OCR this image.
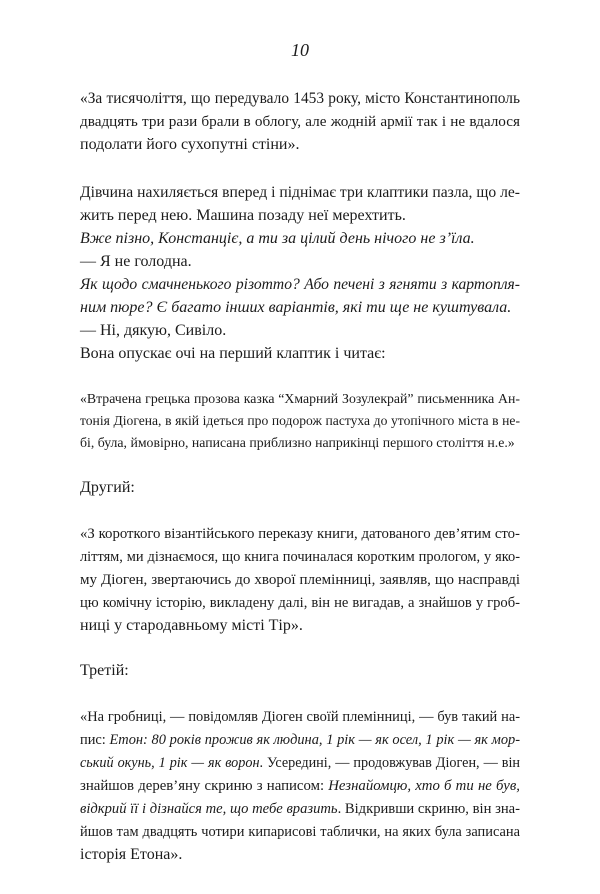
10
«За тисячоліття, що передувало 1453 року, місто Константинополь
двадцять три рази брали в облогу, але жодній армії так і не вдалося
подолати його сухопутні стіни».
Дівчина нахиляється вперед і піднімає три клаптики пазла, що ле-
жить перед нею. Машина позаду неї мерехтить.
Вже пізно, Констанціє, а ти за цілий день нічого не з’їла.
— Я не голодна.
Як щодо смачненького різотто? Або печені з ягняти з картопля-
ним пюре? Є багато інших варіантів, які ти ще не куштувала.
— Ні, дякую, Сивіло.
Вона опускає очі на перший клаптик і читає:
«Втрачена грецька прозова казка “Хмарний Зозулекрай” письменника Ан-
тонія Діогена, в якій ідеться про подорож пастуха до утопічного міста в не-
бі, була, ймовірно, написана приблизно наприкінці першого століття н.е.»
Другий:
«З короткого візантійського переказу книги, датованого дев’ятим сто-
літтям, ми дізнаємося, що книга починалася коротким прологом, у яко-
му Діоген, звертаючись до хворої племінниці, заявляв, що насправді
цю комічну історію, викладену далі, він не вигадав, а знайшов у гроб-
ниці у стародавньому місті Тір».
Третій:
«На гробниці, — повідомляв Діоген своїй племінниці, — був такий на-
пис: Етон: 80 років прожив як людина, 1 рік — як осел, 1 рік — як мор-
ський окунь, 1 рік — як ворон. Усередині, — продовжував Діоген, — він
знайшов дерев’яну скриню з написом: Незнайомцю, хто б ти не був,
відкрий її і дізнайся те, що тебе вразить. Відкривши скриню, він зна-
йшов там двадцять чотири кипарисові таблички, на яких була записана
історія Етона».
